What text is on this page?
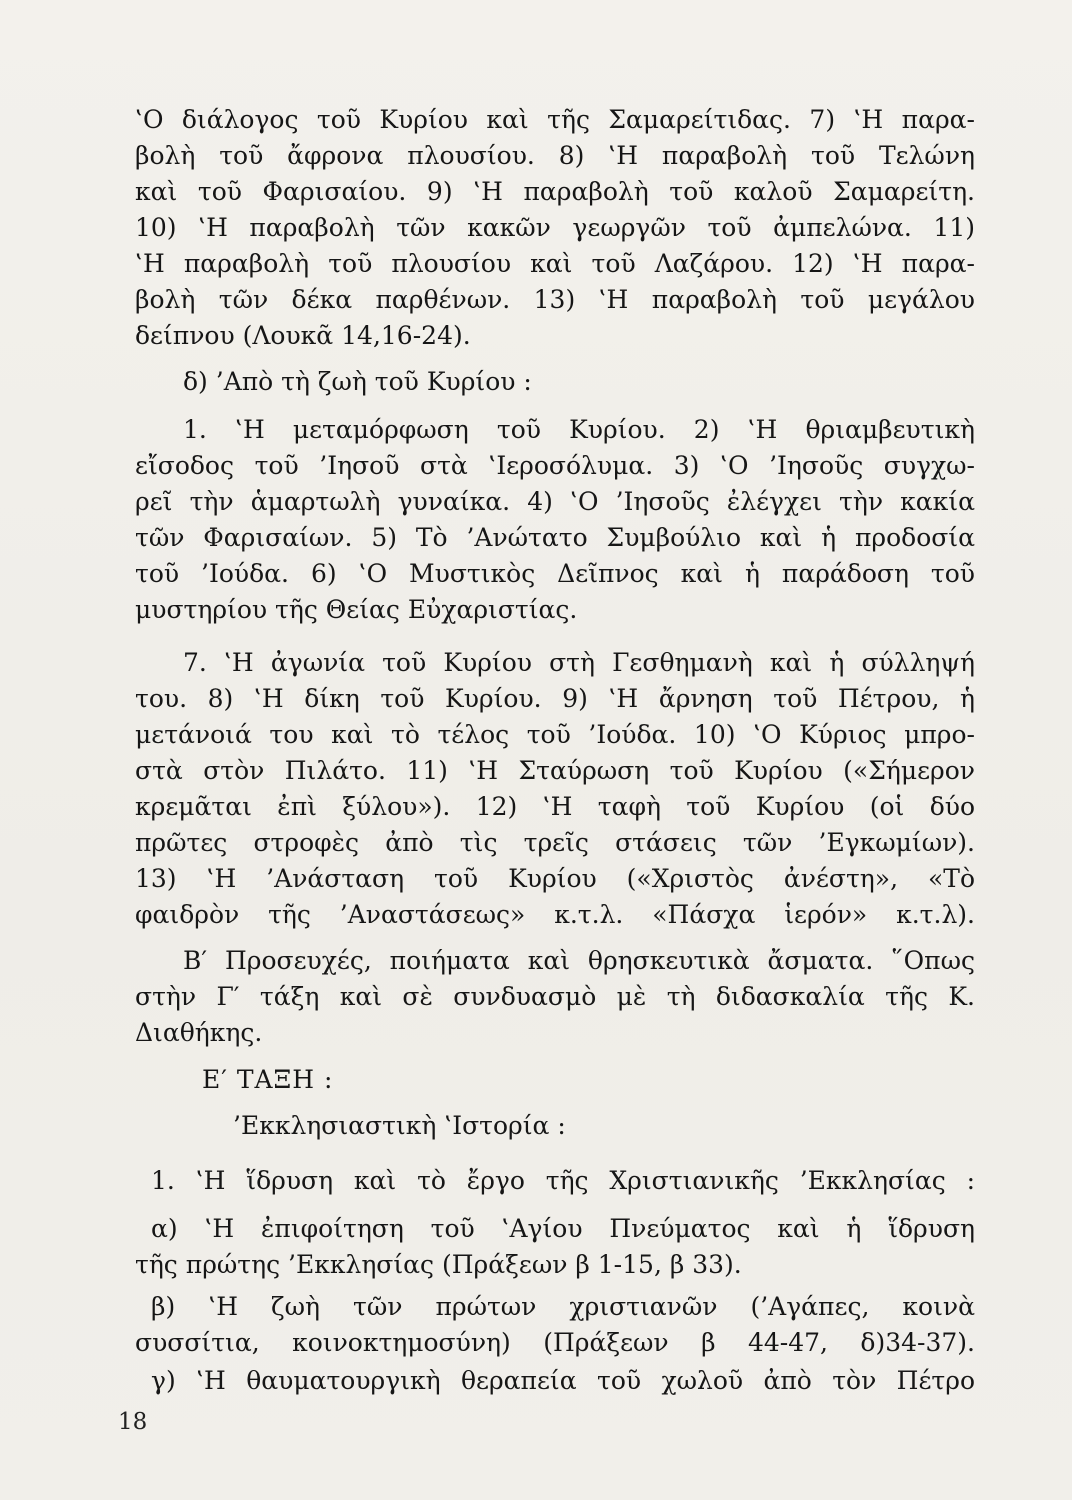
‛Ο διάλογος τοῦ Κυρίου καὶ τῆς Σαμαρείτιδας. 7) ‛Η παρα-
βολὴ τοῦ ἄφρονα πλουσίου. 8) ‛Η παραβολὴ τοῦ Τελώνη
καὶ τοῦ Φαρισαίου. 9) ‛Η παραβολὴ τοῦ καλοῦ Σαμαρείτη.
10) ‛Η παραβολὴ τῶν κακῶν γεωργῶν τοῦ ἀμπελώνα. 11)
‛Η παραβολὴ τοῦ πλουσίου καὶ τοῦ Λαζάρου. 12) ‛Η παρα-
βολὴ τῶν δέκα παρθένων. 13) ‛Η παραβολὴ τοῦ μεγάλου
δείπνου (Λουκᾶ 14,16-24).
δ) ’Απὸ τὴ ζωὴ τοῦ Κυρίου :
1. ‛Η μεταμόρφωση τοῦ Κυρίου. 2) ‛Η θριαμβευτικὴ
εἴσοδος τοῦ ’Ιησοῦ στὰ ‛Ιεροσόλυμα. 3) ‛Ο ’Ιησοῦς συγχω-
ρεῖ τὴν ἁμαρτωλὴ γυναίκα. 4) ‛Ο ’Ιησοῦς ἐλέγχει τὴν κακία
τῶν Φαρισαίων. 5) Τὸ ’Ανώτατο Συμβούλιο καὶ ἡ προδοσία
τοῦ ’Ιούδα. 6) ‛Ο Μυστικὸς Δεῖπνος καὶ ἡ παράδοση τοῦ
μυστηρίου τῆς Θείας Εὐχαριστίας.
7. ‛Η ἀγωνία τοῦ Κυρίου στὴ Γεσθημανὴ καὶ ἡ σύλληψή
του. 8) ‛Η δίκη τοῦ Κυρίου. 9) ‛Η ἄρνηση τοῦ Πέτρου, ἡ
μετάνοιά του καὶ τὸ τέλος τοῦ ’Ιούδα. 10) ‛Ο Κύριος μπρο-
στὰ στὸν Πιλάτο. 11) ‛Η Σταύρωση τοῦ Κυρίου («Σήμερον
κρεμᾶται ἐπὶ ξύλου»). 12) ‛Η ταφὴ τοῦ Κυρίου (οἱ δύο
πρῶτες στροφὲς ἀπὸ τὶς τρεῖς στάσεις τῶν ’Εγκωμίων).
13) ‛Η ’Ανάσταση τοῦ Κυρίου («Χριστὸς ἀνέστη», «Τὸ
φαιδρὸν τῆς ’Αναστάσεως» κ.τ.λ. «Πάσχα ἱερόν» κ.τ.λ).
Β′ Προσευχές, ποιήματα καὶ θρησκευτικὰ ἄσματα. ῞Οπως
στὴν Γ′ τάξη καὶ σὲ συνδυασμὸ μὲ τὴ διδασκαλία τῆς Κ.
Διαθήκης.
Ε′ ΤΑΞΗ :
’Εκκλησιαστικὴ ‛Ιστορία :
1. ‛Η ἵδρυση καὶ τὸ ἔργο τῆς Χριστιανικῆς ’Εκκλησίας :
α) ‛Η ἐπιφοίτηση τοῦ ‛Αγίου Πνεύματος καὶ ἡ ἵδρυση
τῆς πρώτης ’Εκκλησίας (Πράξεων β 1-15, β 33).
β) ‛Η ζωὴ τῶν πρώτων χριστιανῶν (’Αγάπες, κοινὰ
συσσίτια, κοινοκτημοσύνη) (Πράξεων β 44-47, δ)34-37).
γ) ‛Η θαυματουργικὴ θεραπεία τοῦ χωλοῦ ἀπὸ τὸν Πέτρο
18
